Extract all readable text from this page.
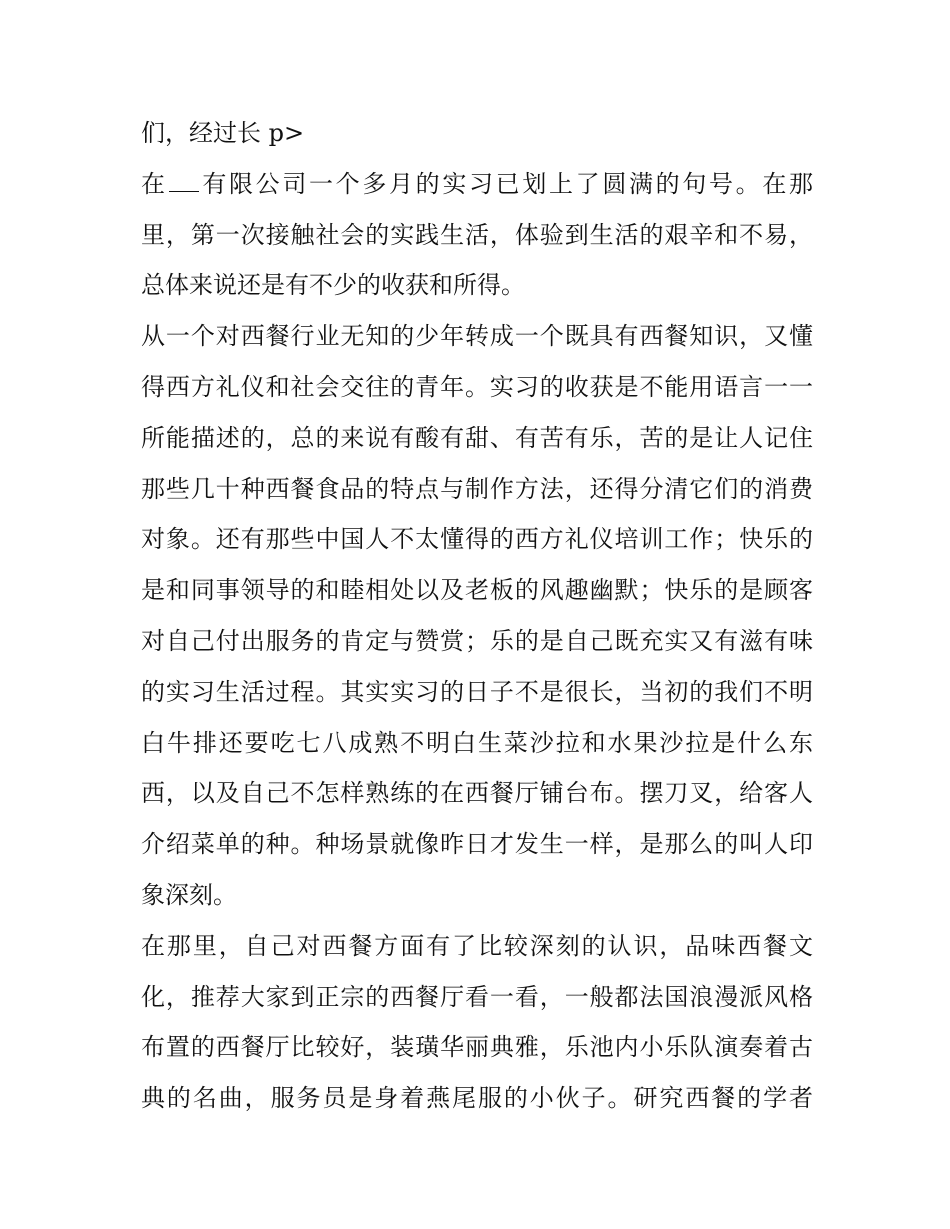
们，经过长 p>
在 有限公司一个多月的实习已划上了圆满的句号。在那
里，第一次接触社会的实践生活，体验到生活的艰辛和不易，
总体来说还是有不少的收获和所得。
从一个对西餐行业无知的少年转成一个既具有西餐知识，又懂
得西方礼仪和社会交往的青年。实习的收获是不能用语言一一
所能描述的，总的来说有酸有甜、有苦有乐，苦的是让人记住
那些几十种西餐食品的特点与制作方法，还得分清它们的消费
对象。还有那些中国人不太懂得的西方礼仪培训工作；快乐的
是和同事领导的和睦相处以及老板的风趣幽默；快乐的是顾客
对自己付出服务的肯定与赞赏；乐的是自己既充实又有滋有味
的实习生活过程。其实实习的日子不是很长，当初的我们不明
白牛排还要吃七八成熟不明白生菜沙拉和水果沙拉是什么东
西，以及自己不怎样熟练的在西餐厅铺台布。摆刀叉，给客人
介绍菜单的种。种场景就像昨日才发生一样，是那么的叫人印
象深刻。
在那里，自己对西餐方面有了比较深刻的认识，品味西餐文
化，推荐大家到正宗的西餐厅看一看，一般都法国浪漫派风格
布置的西餐厅比较好，装璜华丽典雅，乐池内小乐队演奏着古
典的名曲，服务员是身着燕尾服的小伙子。研究西餐的学者
